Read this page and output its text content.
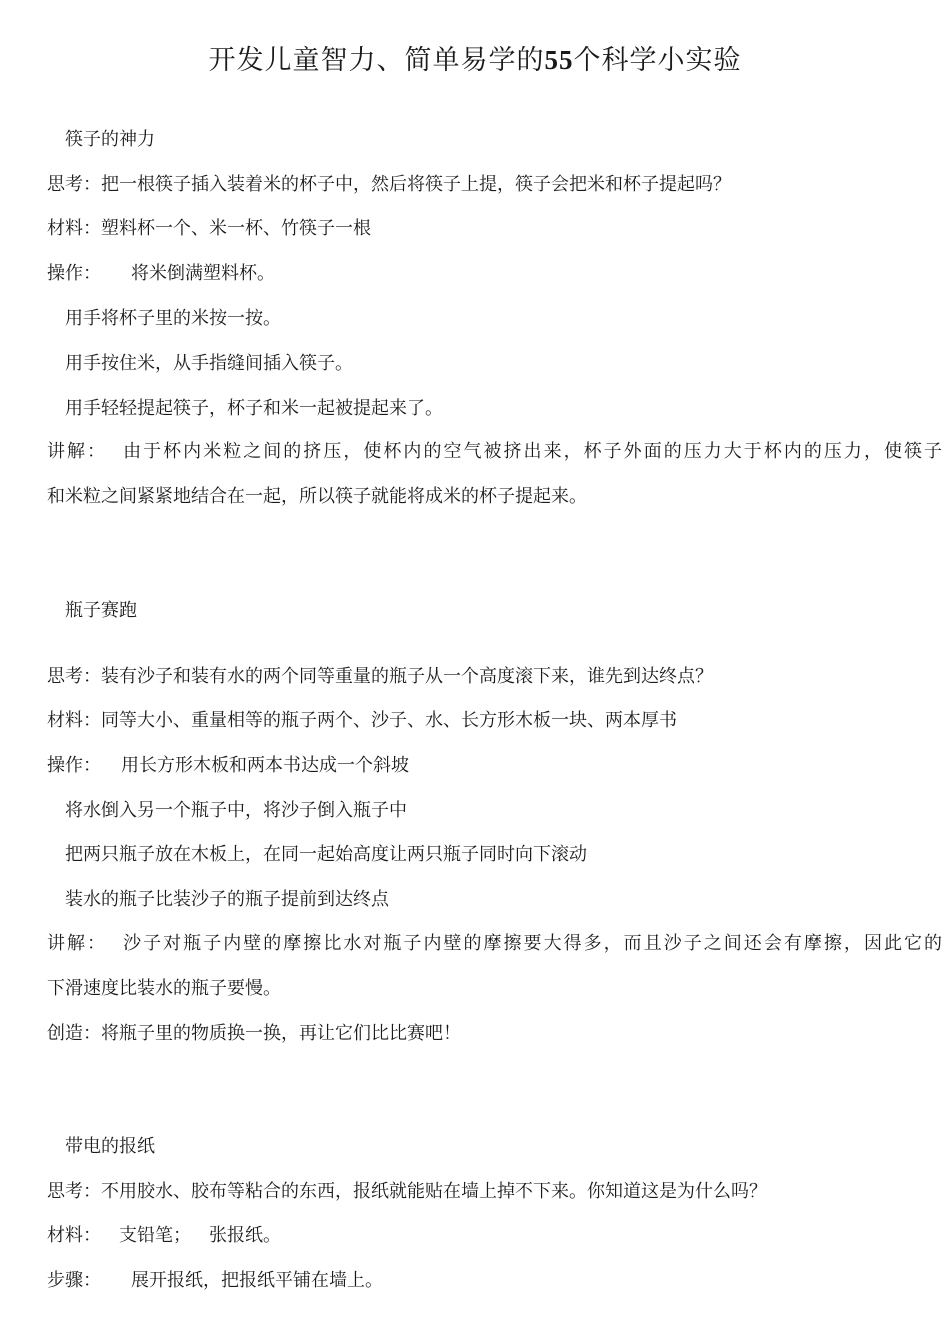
开发儿童智力、简单易学的55个科学小实验
筷子的神力
思考：把一根筷子插入装着米的杯子中，然后将筷子上提，筷子会把米和杯子提起吗？
材料：塑料杯一个、米一杯、竹筷子一根
操作： 将米倒满塑料杯。
用手将杯子里的米按一按。
用手按住米，从手指缝间插入筷子。
用手轻轻提起筷子，杯子和米一起被提起来了。
讲解： 由于杯内米粒之间的挤压，使杯内的空气被挤出来，杯子外面的压力大于杯内的压力，使筷子
和米粒之间紧紧地结合在一起，所以筷子就能将成米的杯子提起来。
瓶子赛跑
思考：装有沙子和装有水的两个同等重量的瓶子从一个高度滚下来，谁先到达终点？
材料：同等大小、重量相等的瓶子两个、沙子、水、长方形木板一块、两本厚书
操作： 用长方形木板和两本书达成一个斜坡
将水倒入另一个瓶子中，将沙子倒入瓶子中
把两只瓶子放在木板上，在同一起始高度让两只瓶子同时向下滚动
装水的瓶子比装沙子的瓶子提前到达终点
讲解： 沙子对瓶子内壁的摩擦比水对瓶子内壁的摩擦要大得多，而且沙子之间还会有摩擦，因此它的
下滑速度比装水的瓶子要慢。
创造：将瓶子里的物质换一换，再让它们比比赛吧！
带电的报纸
思考：不用胶水、胶布等粘合的东西，报纸就能贴在墙上掉不下来。你知道这是为什么吗？
材料： 支铅笔； 张报纸。
步骤： 展开报纸，把报纸平铺在墙上。
